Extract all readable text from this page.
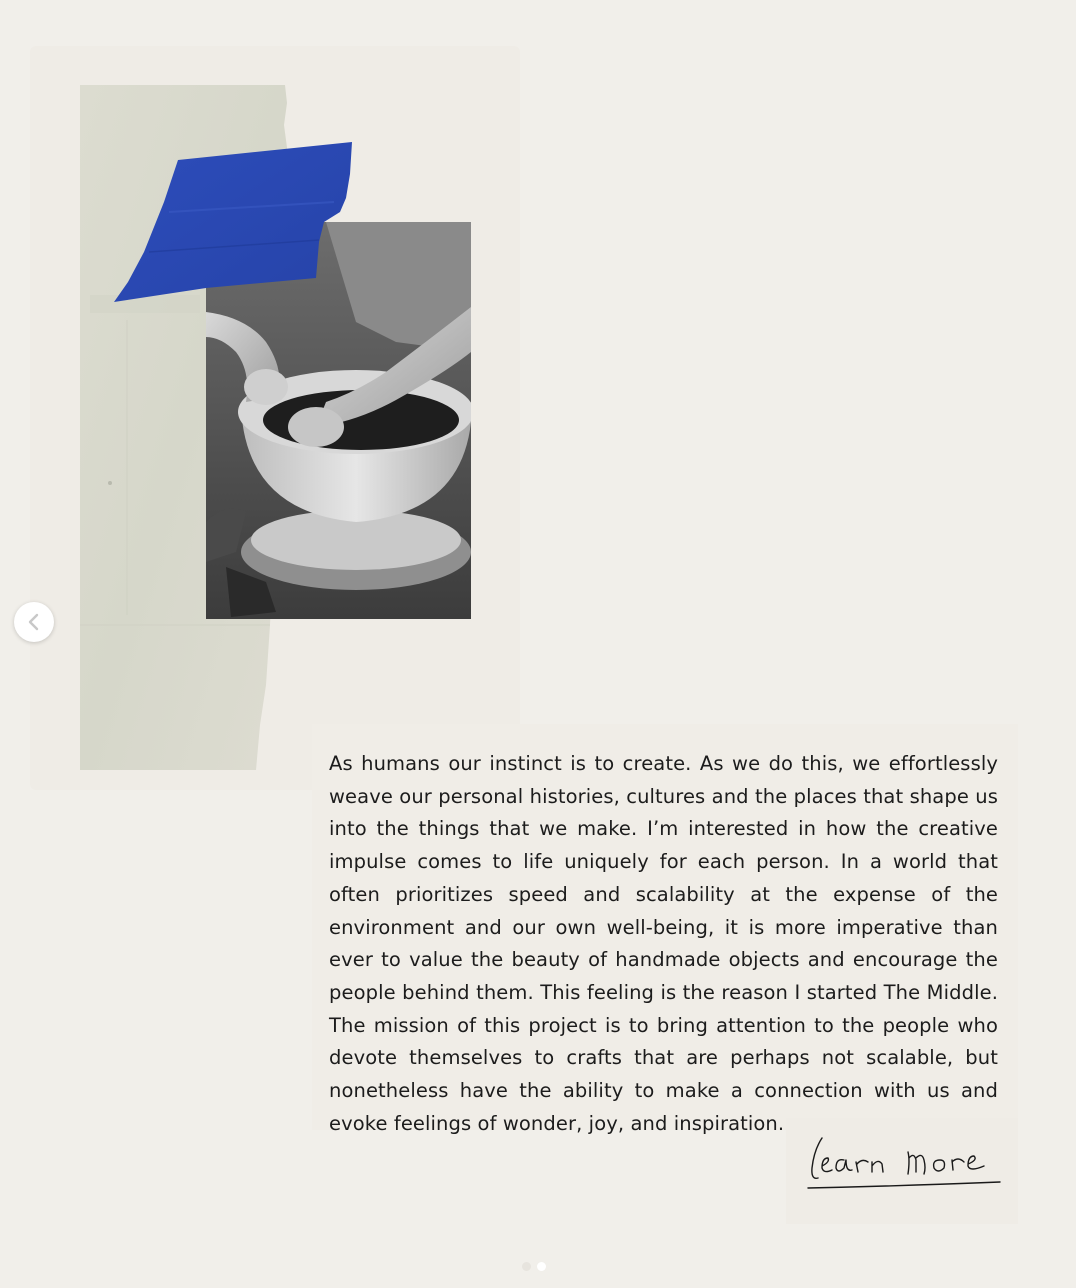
As humans our instinct is to create. As we do this, we effortlessly weave our personal histories, cultures and the places that shape us into the things that we make. I’m interested in how the creative impulse comes to life uniquely for each person. In a world that often prioritizes speed and scalability at the expense of the environment and our own well-being, it is more imperative than ever to value the beauty of handmade objects and encourage the people behind them. This feeling is the reason I started The Middle. The mission of this project is to bring attention to the people who devote themselves to crafts that are perhaps not scalable, but nonetheless have the ability to make a connection with us and evoke feelings of wonder, joy, and inspiration.
